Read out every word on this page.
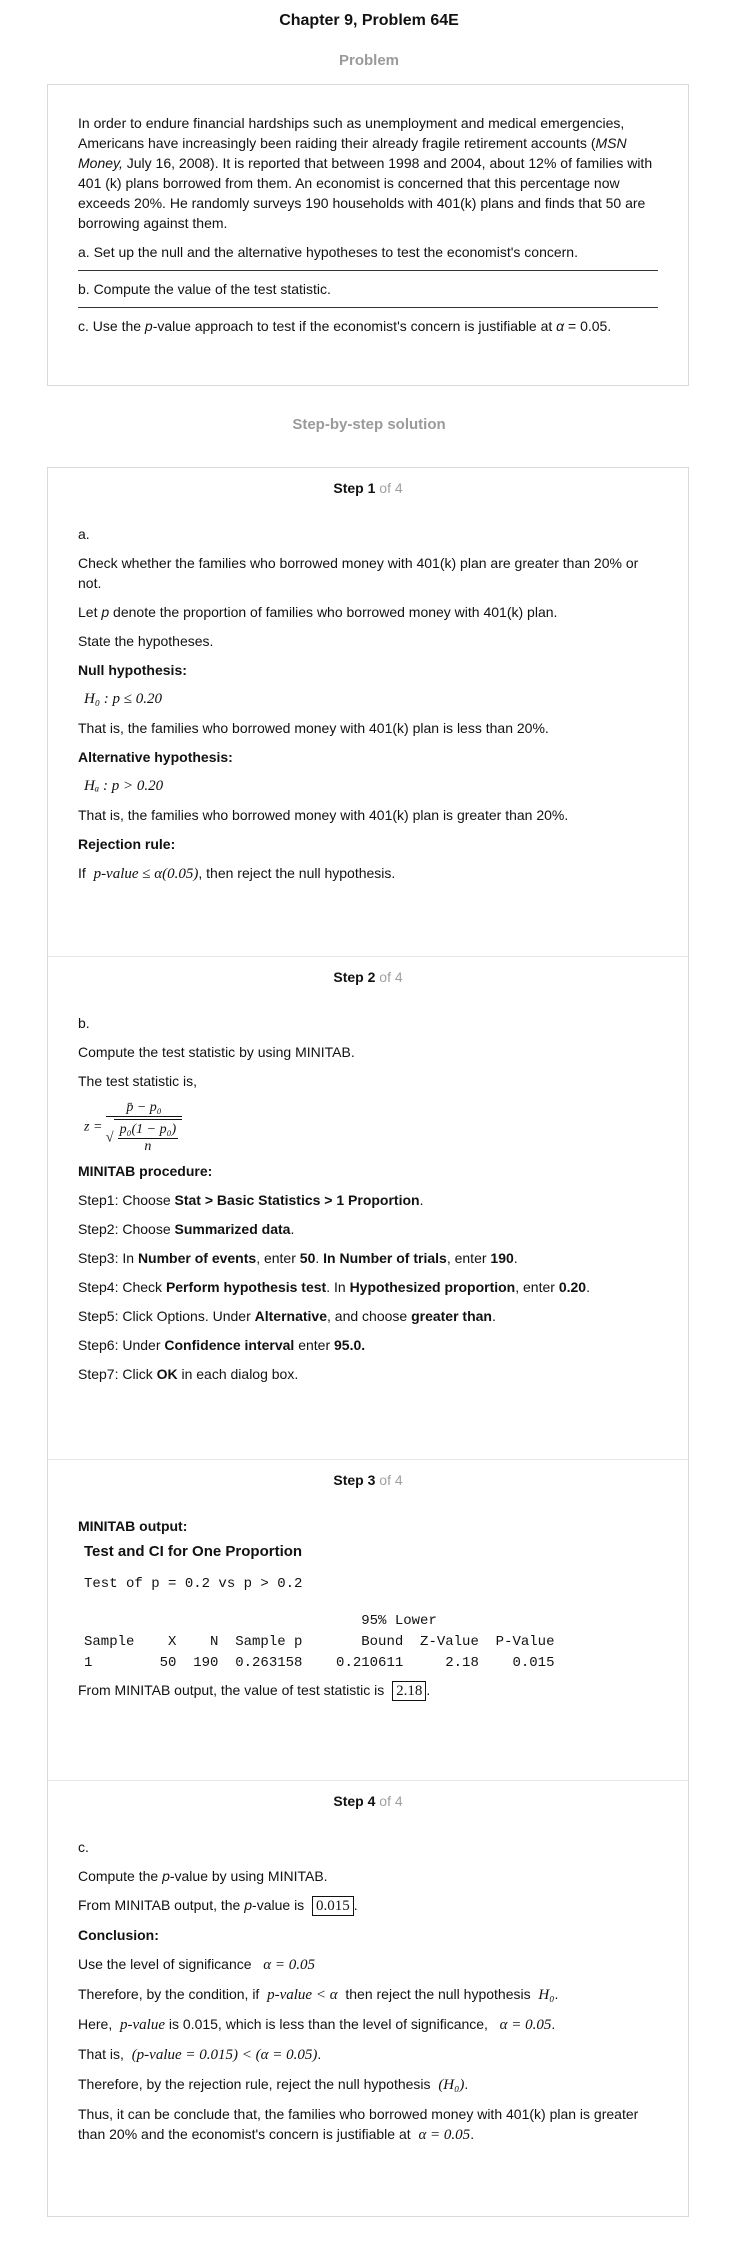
Chapter 9, Problem 64E
Problem

In order to endure financial hardships such as unemployment and medical emergencies, Americans have increasingly been raiding their already fragile retirement accounts (MSN Money, July 16, 2008). It is reported that between 1998 and 2004, about 12% of families with 401 (k) plans borrowed from them. An economist is concerned that this percentage now exceeds 20%. He randomly surveys 190 households with 401(k) plans and finds that 50 are borrowing against them.

a. Set up the null and the alternative hypotheses to test the economist's concern.

b. Compute the value of the test statistic.

c. Use the p-value approach to test if the economist's concern is justifiable at α = 0.05.

Step-by-step solution
Step 1 of 4

a.

Check whether the families who borrowed money with 401(k) plan are greater than 20% or not.

Let p denote the proportion of families who borrowed money with 401(k) plan.

State the hypotheses.

Null hypothesis:

H₀ : p ≤ 0.20

That is, the families who borrowed money with 401(k) plan is less than 20%.

Alternative hypothesis:

Hₐ : p > 0.20

That is, the families who borrowed money with 401(k) plan is greater than 20%.

Rejection rule:

If p-value ≤ α(0.05), then reject the null hypothesis.

Step 2 of 4

b.

Compute the test statistic by using MINITAB.

The test statistic is,

$z = \frac{\text{p̄ − p₀}}{√ \frac{\text{p₀(1 − p₀)}}{n}}$

MINITAB procedure:

Step1: Choose Stat > Basic Statistics > 1 Proportion.

Step2: Choose Summarized data.

Step3: In Number of events, enter 50. In Number of trials, enter 190.

Step4: Check Perform hypothesis test. In Hypothesized proportion, enter 0.20.

Step5: Click Options. Under Alternative, and choose greater than.

Step6: Under Confidence interval enter 95.0.

Step7: Click OK in each dialog box.

Step 3 of 4

MINITAB output:

Test and CI for One Proportion

Test of p = 0.2 vs p > 0.2

95% Lower

Sample    X    N  Sample p       Bound  Z-Value  P-Value

1        50  190  0.263158    0.210611     2.18    0.015

From MINITAB output, the value of test statistic is 2.18 .

Step 4 of 4

c.

Compute the p-value by using MINITAB.

From MINITAB output, the p-value is 0.015 .

Conclusion:

Use the level of significance α = 0.05

Therefore, by the condition, if p-value < α then reject the null hypothesis H₀.

Here, p-value is 0.015, which is less than the level of significance, α = 0.05.

That is, (p-value = 0.015) < (α = 0.05).

Therefore, by the rejection rule, reject the null hypothesis (H₀).

Thus, it can be conclude that, the families who borrowed money with 401(k) plan is greater than 20% and the economist's concern is justifiable at α = 0.05.
